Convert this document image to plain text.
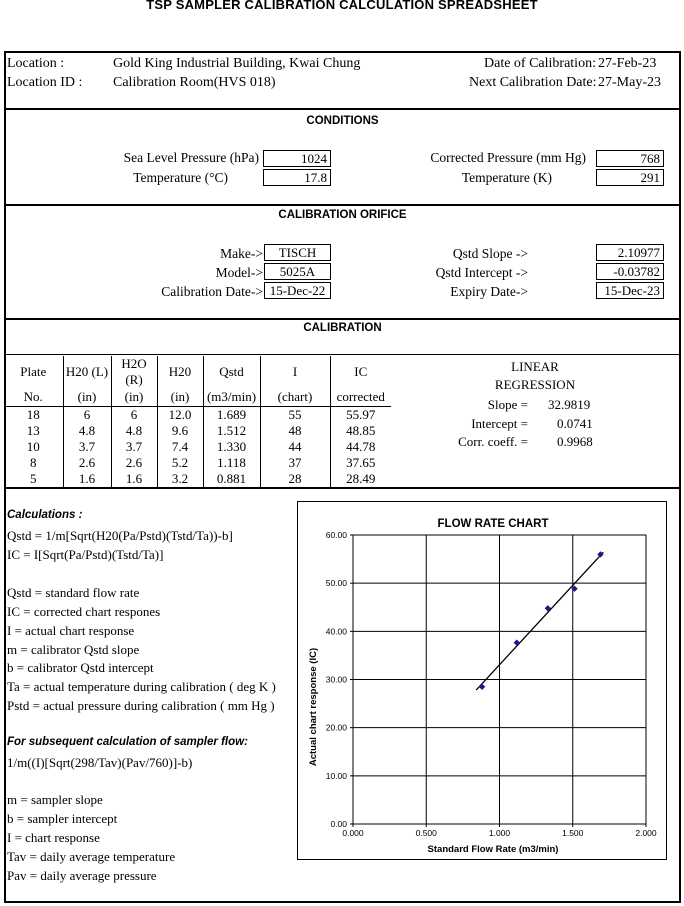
TSP SAMPLER CALIBRATION CALCULATION SPREADSHEET
Location :	Gold King Industrial Building, Kwai Chung
Location ID : Calibration Room(HVS 018)
Date of Calibration: 27-Feb-23
Next Calibration Date: 27-May-23
CONDITIONS
Sea Level Pressure (hPa)	1024
Temperature (°C)	17.8
Corrected Pressure (mm Hg)	768
Temperature (K)	291
CALIBRATION ORIFICE
Make->	TISCH
Model->	5025A
Calibration Date-> 15-Dec-22
Qstd Slope ->	2.10977
Qstd Intercept ->	-0.03782
Expiry Date->	15-Dec-23
CALIBRATION
Plate	H20 (L)	H2O (R)	H20	Qstd	I	IC
No.	(in)	(in)	(in)	(m3/min)	(chart)	corrected
18	6	6	12.0	1.689	55	55.97
13	4.8	4.8	9.6	1.512	48	48.85
10	3.7	3.7	7.4	1.330	44	44.78
8	2.6	2.6	5.2	1.118	37	37.65
5	1.6	1.6	3.2	0.881	28	28.49
LINEAR
REGRESSION
Slope = 32.9819
Intercept = 0.0741
Corr. coeff. = 0.9968
Calculations :
Qstd = 1/m[Sqrt(H20(Pa/Pstd)(Tstd/Ta))-b]
IC = I[Sqrt(Pa/Pstd)(Tstd/Ta)]
Qstd = standard flow rate
IC = corrected chart respones
I = actual chart response
m = calibrator Qstd slope
b = calibrator Qstd intercept
Ta = actual temperature during calibration ( deg K )
Pstd = actual pressure during calibration ( mm Hg )
For subsequent calculation of sampler flow:
1/m((I)[Sqrt(298/Tav)(Pav/760)]-b)
m = sampler slope
b = sampler intercept
I = chart response
Tav = daily average temperature
Pav = daily average pressure
FLOW RATE CHART
0.00
10.00
20.00
30.00
40.00
50.00
60.00
0.000	0.500	1.000	1.500	2.000
Standard Flow Rate (m3/min)
Actual chart response (IC)
